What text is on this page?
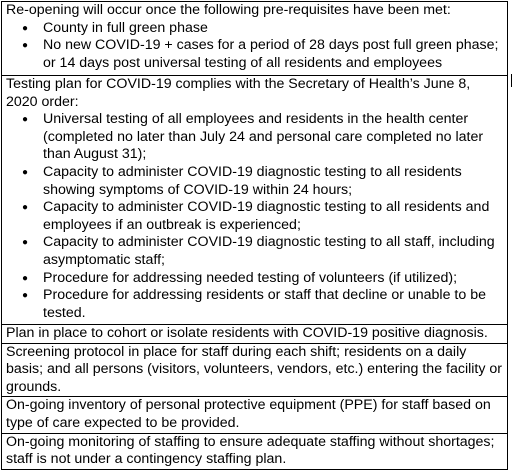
Re-opening will occur once the following pre-requisites have been met:
●
County in full green phase
●
No new COVID-19 + cases for a period of 28 days post full green phase; or 14 days post universal testing of all residents and employees

Testing plan for COVID-19 complies with the Secretary of Health’s June 8, 2020 order:
●
Universal testing of all employees and residents in the health center (completed no later than July 24 and personal care completed no later than August 31);
●
Capacity to administer COVID-19 diagnostic testing to all residents showing symptoms of COVID-19 within 24 hours;
●
Capacity to administer COVID-19 diagnostic testing to all residents and employees if an outbreak is experienced;
●
Capacity to administer COVID-19 diagnostic testing to all staff, including asymptomatic staff;
●
Procedure for addressing needed testing of volunteers (if utilized);
●
Procedure for addressing residents or staff that decline or unable to be tested.

Plan in place to cohort or isolate residents with COVID-19 positive diagnosis.
Screening protocol in place for staff during each shift; residents on a daily basis; and all persons (visitors, volunteers, vendors, etc.) entering the facility or grounds.
On-going inventory of personal protective equipment (PPE) for staff based on type of care expected to be provided.
On-going monitoring of staffing to ensure adequate staffing without shortages; staff is not under a contingency staffing plan.
